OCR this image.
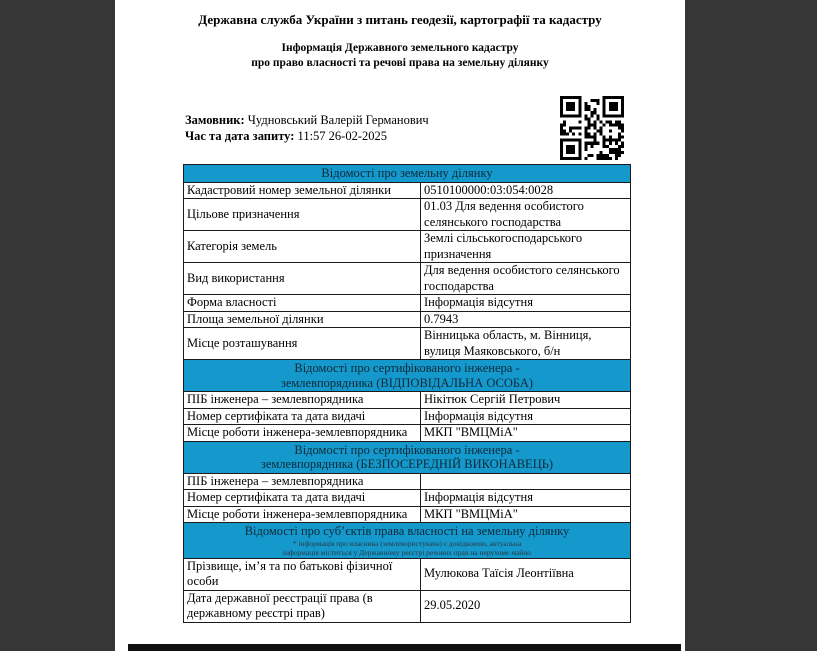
Державна служба України з питань геодезії, картографії та кадастру
Інформація Державного земельного кадастру
про право власності та речові права на земельну ділянку
Замовник: Чудновський Валерій Германович
Час та дата запиту: 11:57 26-02-2025
Відомості про земельну ділянку	

Кадастровий номер земельної ділянки	0510100000:03:054:0028
Цільове призначення	01.03 Для ведення особистого селянського господарства
Категорія земель	Землі сільськогосподарського призначення
Вид використання	Для ведення особистого селянського господарства
Форма власності	Інформація відсутня
Площа земельної ділянки	0.7943
Місце розташування	Вінницька область, м. Вінниця, вулиця Маяковського, б/н

Відомості про сертифікованого інженера -
землевпорядника (ВІДПОВІДАЛЬНА ОСОБА)	

ПІБ інженера – землевпорядника	Нікітюк Сергій Петрович
Номер сертифіката та дата видачі	Інформація відсутня
Місце роботи інженера-землевпорядника	МКП "ВМЦМіА"

Відомості про сертифікованого інженера -
землевпорядника (БЕЗПОСЕРЕДНІЙ ВИКОНАВЕЦЬ)	

ПІБ інженера – землевпорядника	
Номер сертифіката та дата видачі	Інформація відсутня
Місце роботи інженера-землевпорядника	МКП "ВМЦМіА"

Відомості про суб’єктів права власності на земельну ділянку
* інформація про власника (землекористувача) є довідковою, актуальна
інформація міститься у Державному реєстрі речових прав на нерухоме майно	

Прізвище, ім’я та по батькові фізичної особи	Мулюкова Таїсія Леонтіївна
Дата державної реєстрації права (в державному реєстрі прав)	29.05.2020
